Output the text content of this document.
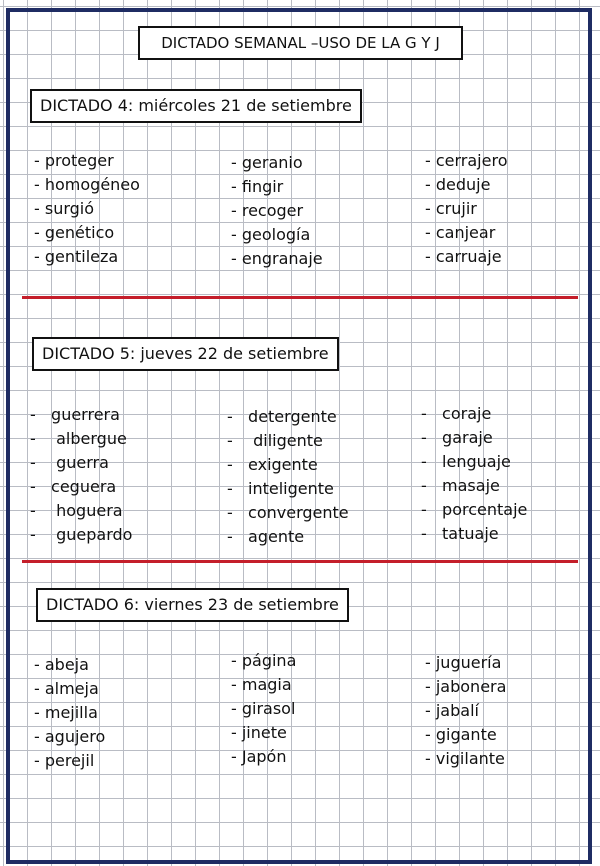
DICTADO SEMANAL –USO DE LA G Y J
DICTADO 4: miércoles 21 de setiembre
- proteger
- homogéneo
- surgió
- genético
- gentileza
- geranio
- fingir
- recoger
- geología
- engranaje
- cerrajero
- deduje
- crujir
- canjear
- carruaje
DICTADO 5: jueves 22 de setiembre
-   guerrera
-    albergue
-    guerra
-   ceguera
-    hoguera
-    guepardo
-   detergente
-    diligente
-   exigente
-   inteligente
-   convergente
-   agente
-   coraje
-   garaje
-   lenguaje
-   masaje
-   porcentaje
-   tatuaje
DICTADO 6: viernes 23 de setiembre
- abeja
- almeja
- mejilla
- agujero
- perejil
- página
- magia
- girasol
- jinete
- Japón
- juguería
- jabonera
- jabalí
- gigante
- vigilante
